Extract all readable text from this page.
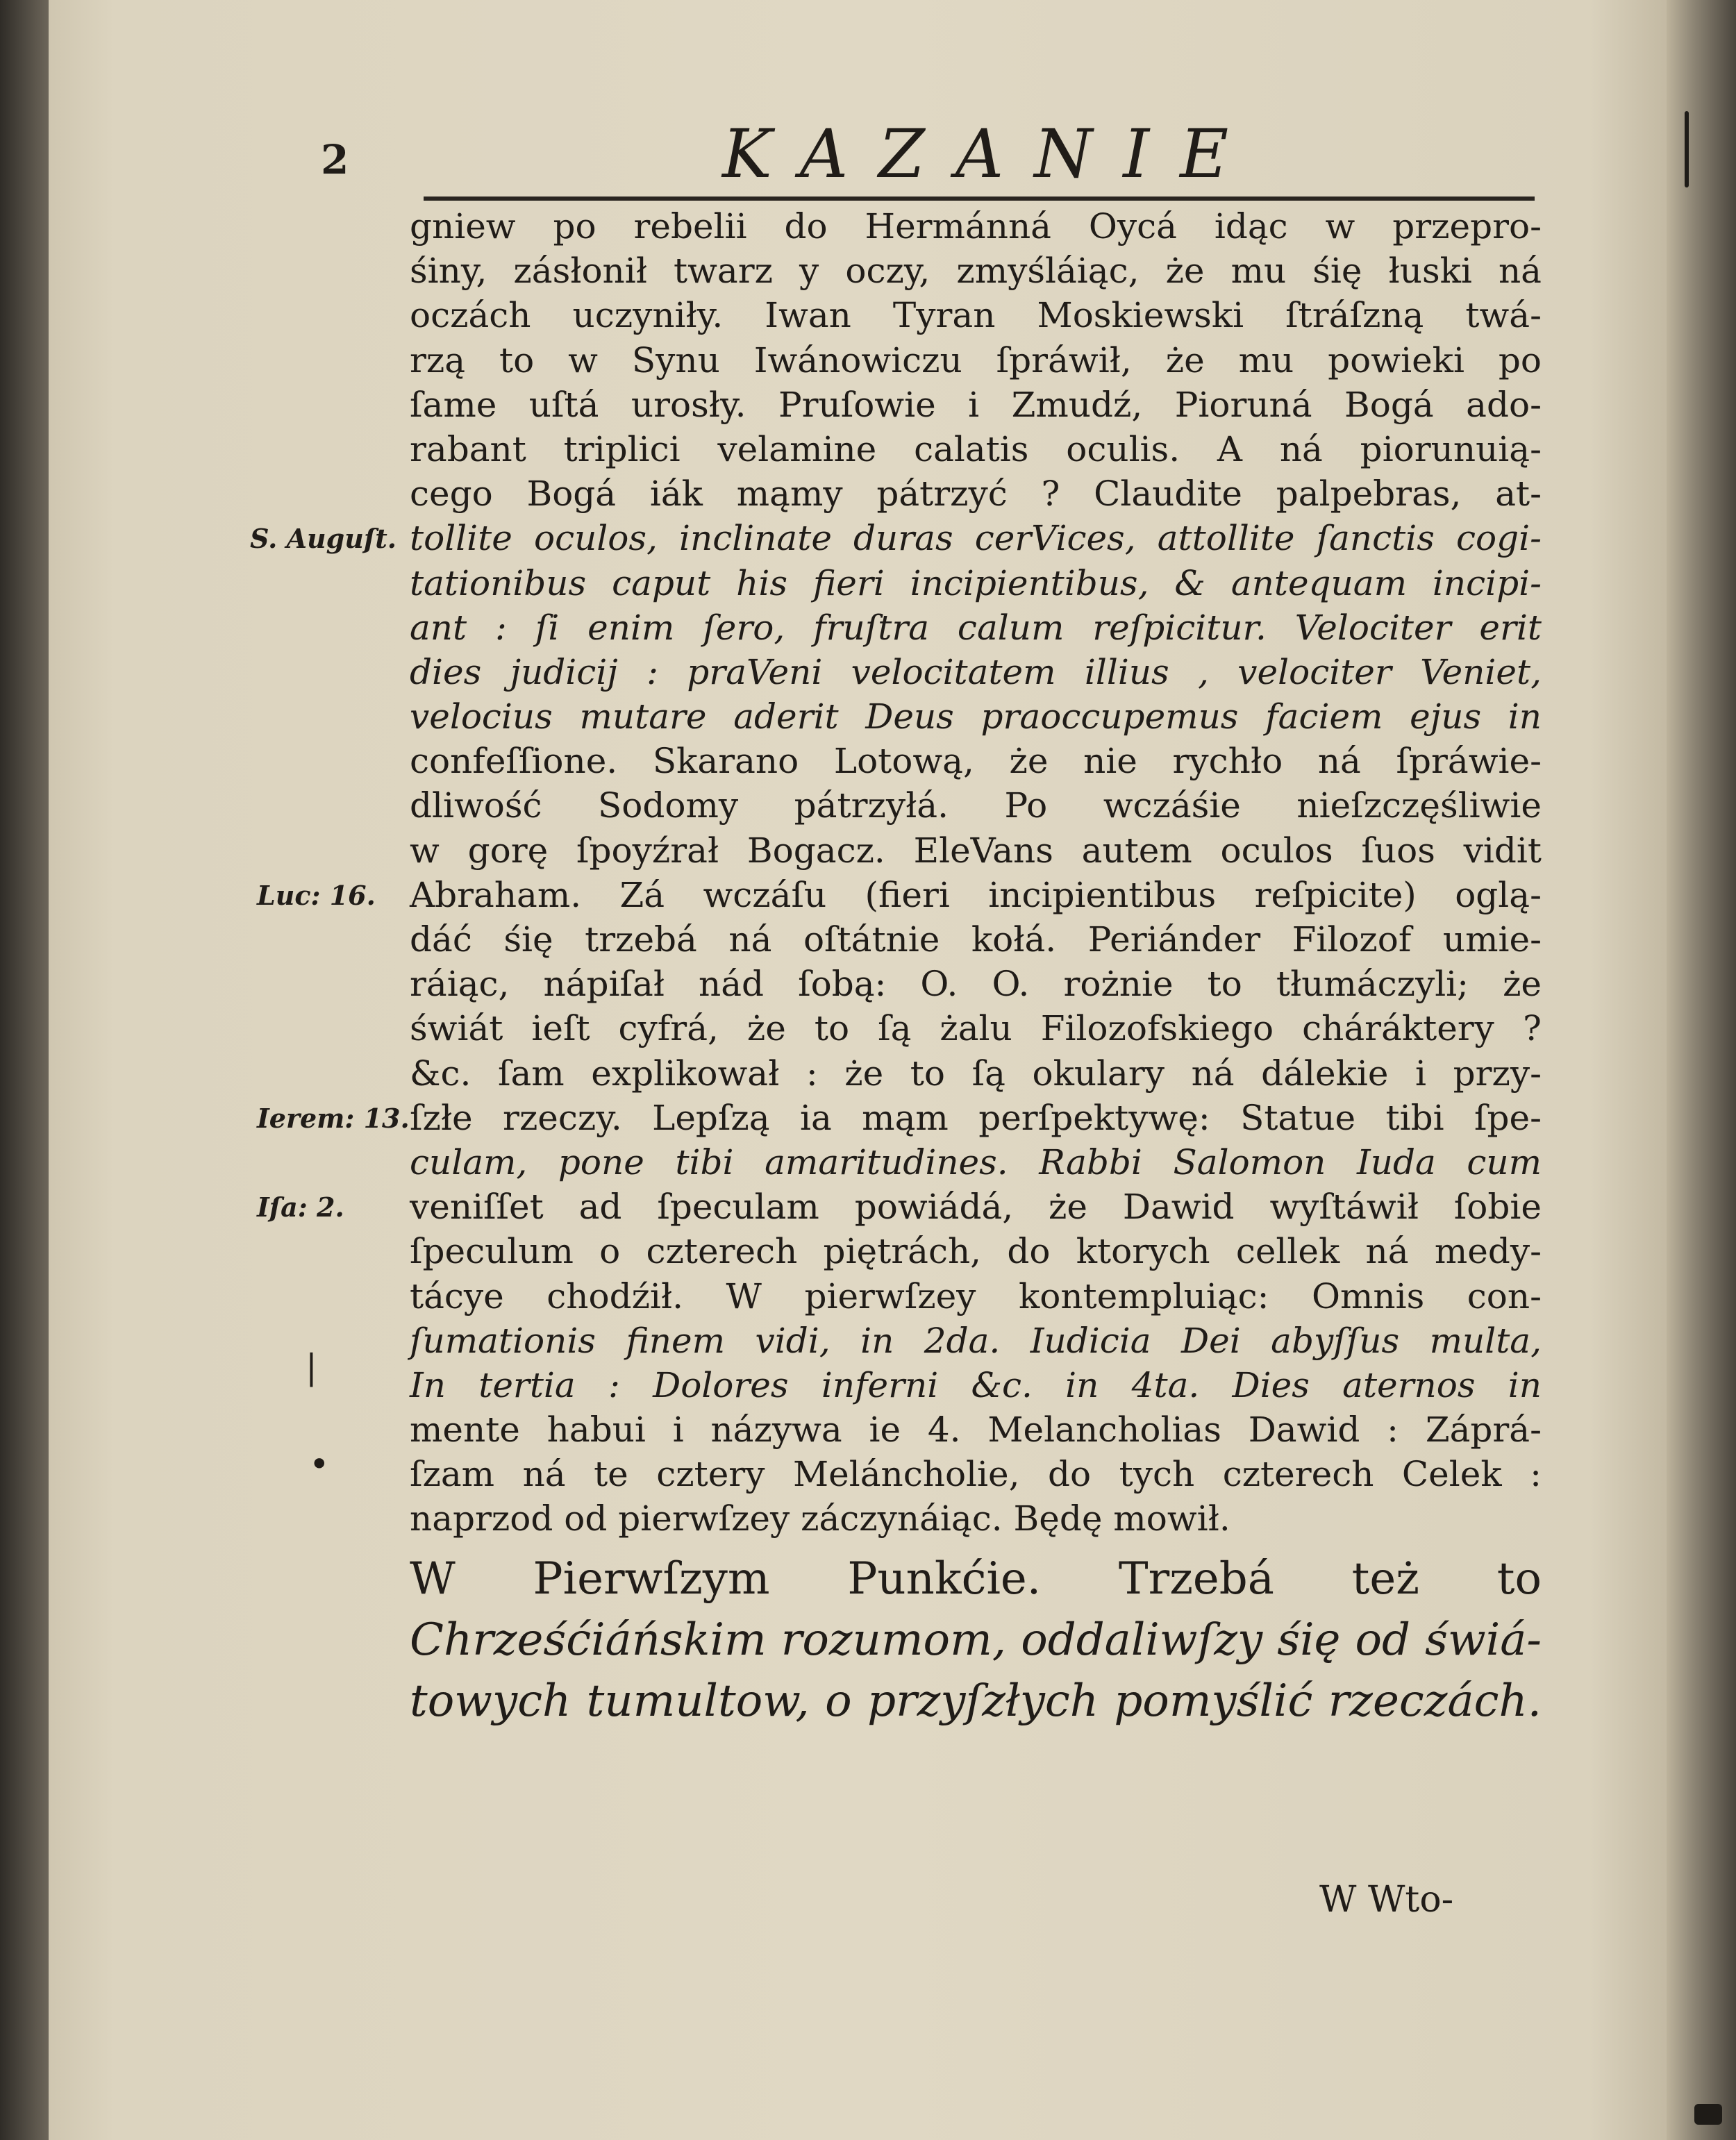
2	KAZANIE
gniew po rebelii do Hermánná Oycá idąc w przepro-
śiny, zásłonił twarz y oczy, zmyśláiąc, że mu śię łuski ná
oczách uczyniły. Iwan Tyran Moskiewski ſtráſzną twá-
rzą to w Synu Iwánowiczu ſpráwił, że mu powieki po
ſame uſtá urosły. Pruſowie i Zmudź, Pioruná Bogá ado-
rabant triplici velamine calatis oculis. A ná piorunuią-
cego Bogá iák mąmy pátrzyć ? Claudite palpebras, at-
tollite oculos, inclinate duras cerVices, attollite ſanctis cogi-
tationibus caput his fieri incipientibus, & antequam incipi-
ant : ſi enim ſero, fruſtra calum reſpicitur. Velociter erit
dies judicij : praVeni velocitatem illius , velociter Veniet,
velocius mutare aderit Deus praoccupemus faciem ejus in
confeſſione. Skarano Lotową, że nie rychło ná ſpráwie-
dliwość Sodomy pátrzyłá. Po wczáśie nieſzczęśliwie
w gorę ſpoyźrał Bogacz. ElеVans autem oculos ſuos vidit
Abraham. Zá wczáſu (fieri incipientibus reſpicite) oglą-
dáć śię trzebá ná oſtátnie kołá. Periánder Filozof umie-
ráiąc, nápiſał nád ſobą: O. O. rożnie to tłumáczyli; że
świát ieſt cyfrá, że to ſą żalu Filozofskiego chárákterу ?
&c. ſam explikował : że to ſą okulary ná dálekie i przy-
ſzłe rzeczy. Lepſzą ia mąm perſpektywę: Statue tibi ſpe-
culam, pone tibi amaritudines. Rabbi Salomon Iuda cum
veniſſet ad ſpeculam powiádá, że Dawid wyſtáwił ſobie
ſpeculum o czterech piętrách, do ktorych cellek ná medy-
tácye chodźił. W pierwſzey kontempluiąc: Omnis con-
ſumationis finem vidi, in 2da. Iudicia Dei abyſſus multa,
In tertia : Dolores inferni &c. in 4ta. Dies aternos in
mente habui i názywa ie 4. Melancholias Dawid : Záprá-
ſzam ná te cztery Meláncholie, do tych czterech Celek :
naprzod od pierwſzey záczynáiąc. Będę mowił.
W Pierwſzym Punkćie. Trzebá też to
Chrześćiáńskim rozumom, oddaliwſzy śię od świá-
towych tumultow, o przyſzłych pomyślić rzeczách.
S. Auguſt.
Luc: 16.
Ierem: 13.
Iſa: 2.
|
•
W Wto-
